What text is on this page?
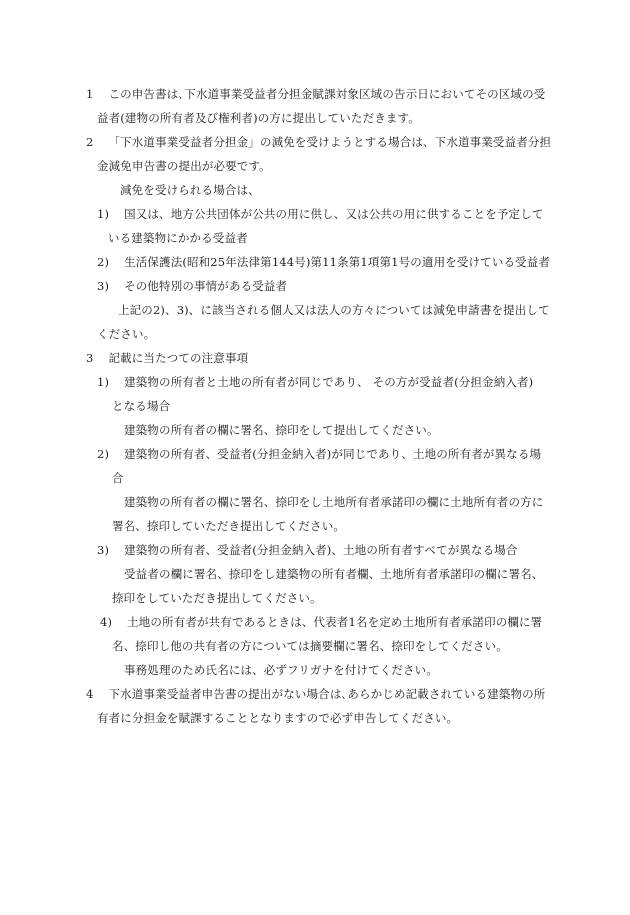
1 この申告書は､下水道事業受益者分担金賦課対象区域の告示日においてその区域の受

益者(建物の所有者及び権利者)の方に提出していただきます。

2 「下水道事業受益者分担金」の減免を受けようとする場合は、下水道事業受益者分担

金減免申告書の提出が必要です。

減免を受けられる場合は、

1) 国又は、地方公共団体が公共の用に供し、又は公共の用に供することを予定して

いる建築物にかかる受益者

2) 生活保護法(昭和25年法律第144号)第11条第1項第1号の適用を受けている受益者

3) その他特別の事情がある受益者

上記の2)、3)、に該当される個人又は法人の方々については減免申請書を提出して

ください。

3 記載に当たつての注意事項

1) 建築物の所有者と土地の所有者が同じであり、 その方が受益者(分担金納入者)

となる場合

建築物の所有者の欄に署名、捺印をして提出してください。

2) 建築物の所有者、受益者(分担金納入者)が同じであり、土地の所有者が異なる場

合

建築物の所有者の欄に署名、捺印をし土地所有者承諾印の欄に土地所有者の方に

署名、捺印していただき提出してください。

3) 建築物の所有者、受益者(分担金納入者)、土地の所有者すべてが異なる場合

受益者の欄に署名、捺印をし建築物の所有者欄、土地所有者承諾印の欄に署名、

捺印をしていただき提出してください。

4) 土地の所有者が共有であるときは、代表者1名を定め土地所有者承諾印の欄に署

名、捺印し他の共有者の方については摘要欄に署名、捺印をしてください。

事務処理のため氏名には、必ずフリガナを付けてください。

4 下水道事業受益者申告書の提出がない場合は､あらかじめ記載されている建築物の所

有者に分担金を賦課することとなりますので必ず申告してください。
